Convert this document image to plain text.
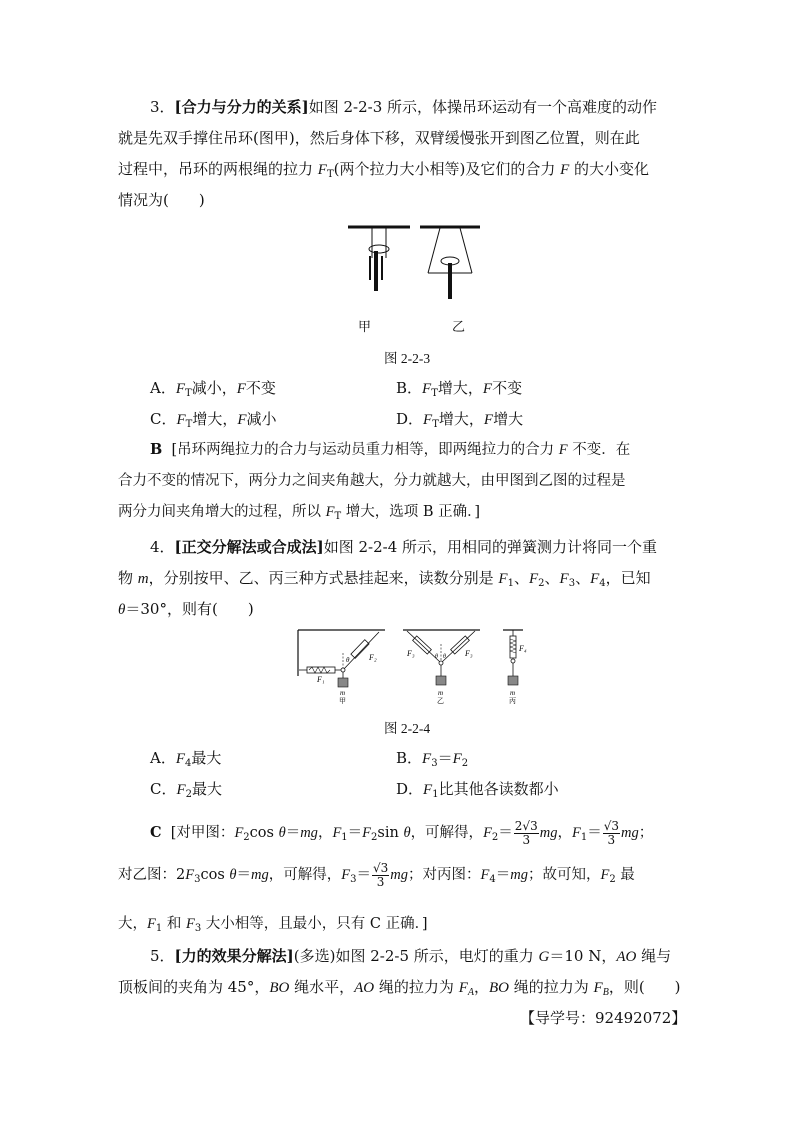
3．[合力与分力的关系]如图 2-2-3 所示，体操吊环运动有一个高难度的动作
就是先双手撑住吊环(图甲)，然后身体下移，双臂缓慢张开到图乙位置，则在此
过程中，吊环的两根绳的拉力 $F_T$(两个拉力大小相等)及它们的合力 F 的大小变化
情况为(　　)
甲	乙
图 2-2-3
A．$F_T$减小，F不变	B．$F_T$增大，F不变
C．$F_T$增大，F减小	D．$F_T$增大，F增大
B [吊环两绳拉力的合力与运动员重力相等，即两绳拉力的合力 F 不变．在
合力不变的情况下，两分力之间夹角越大，分力就越大，由甲图到乙图的过程是
两分力间夹角增大的过程，所以 $F_T$ 增大，选项 B 正确．]
4．[正交分解法或合成法]如图 2-2-4 所示，用相同的弹簧测力计将同一个重
物 m，分别按甲、乙、丙三种方式悬挂起来，读数分别是 $F_1$、$F_2$、$F_3$、$F_4$，已知
θ＝30°，则有(　　)
θ F₂
F₁
m
甲
F₃	F₃
θ θ
m
乙
F₄
m
丙
图 2-2-4
A．$F_4$最大	B．$F_3=F_2$
C．$F_2$最大	D．$F_1$比其他各读数都小
C [对甲图：$F_2\cos$ θ＝mg，$F_1=F_2\sin$ θ，可解得，$F_2= \frac{2√3}{3}$ mg，$F_1= \frac{√3}{3}$ mg；
对乙图：$2F_3\cos$ θ＝mg，可解得，$F_3= \frac{√3}{3}$ mg；对丙图：$F_4=mg$；故可知，$F_2$ 最
大，$F_1$ 和 $F_3$ 大小相等，且最小，只有 C 正确．]
5．[力的效果分解法](多选)如图 2-2-5 所示，电灯的重力 G＝10 N，AO 绳与
顶板间的夹角为 45°，BO 绳水平，AO 绳的拉力为 $F_A$，BO 绳的拉力为 $F_B$，则(　　)
【导学号：92492072】
